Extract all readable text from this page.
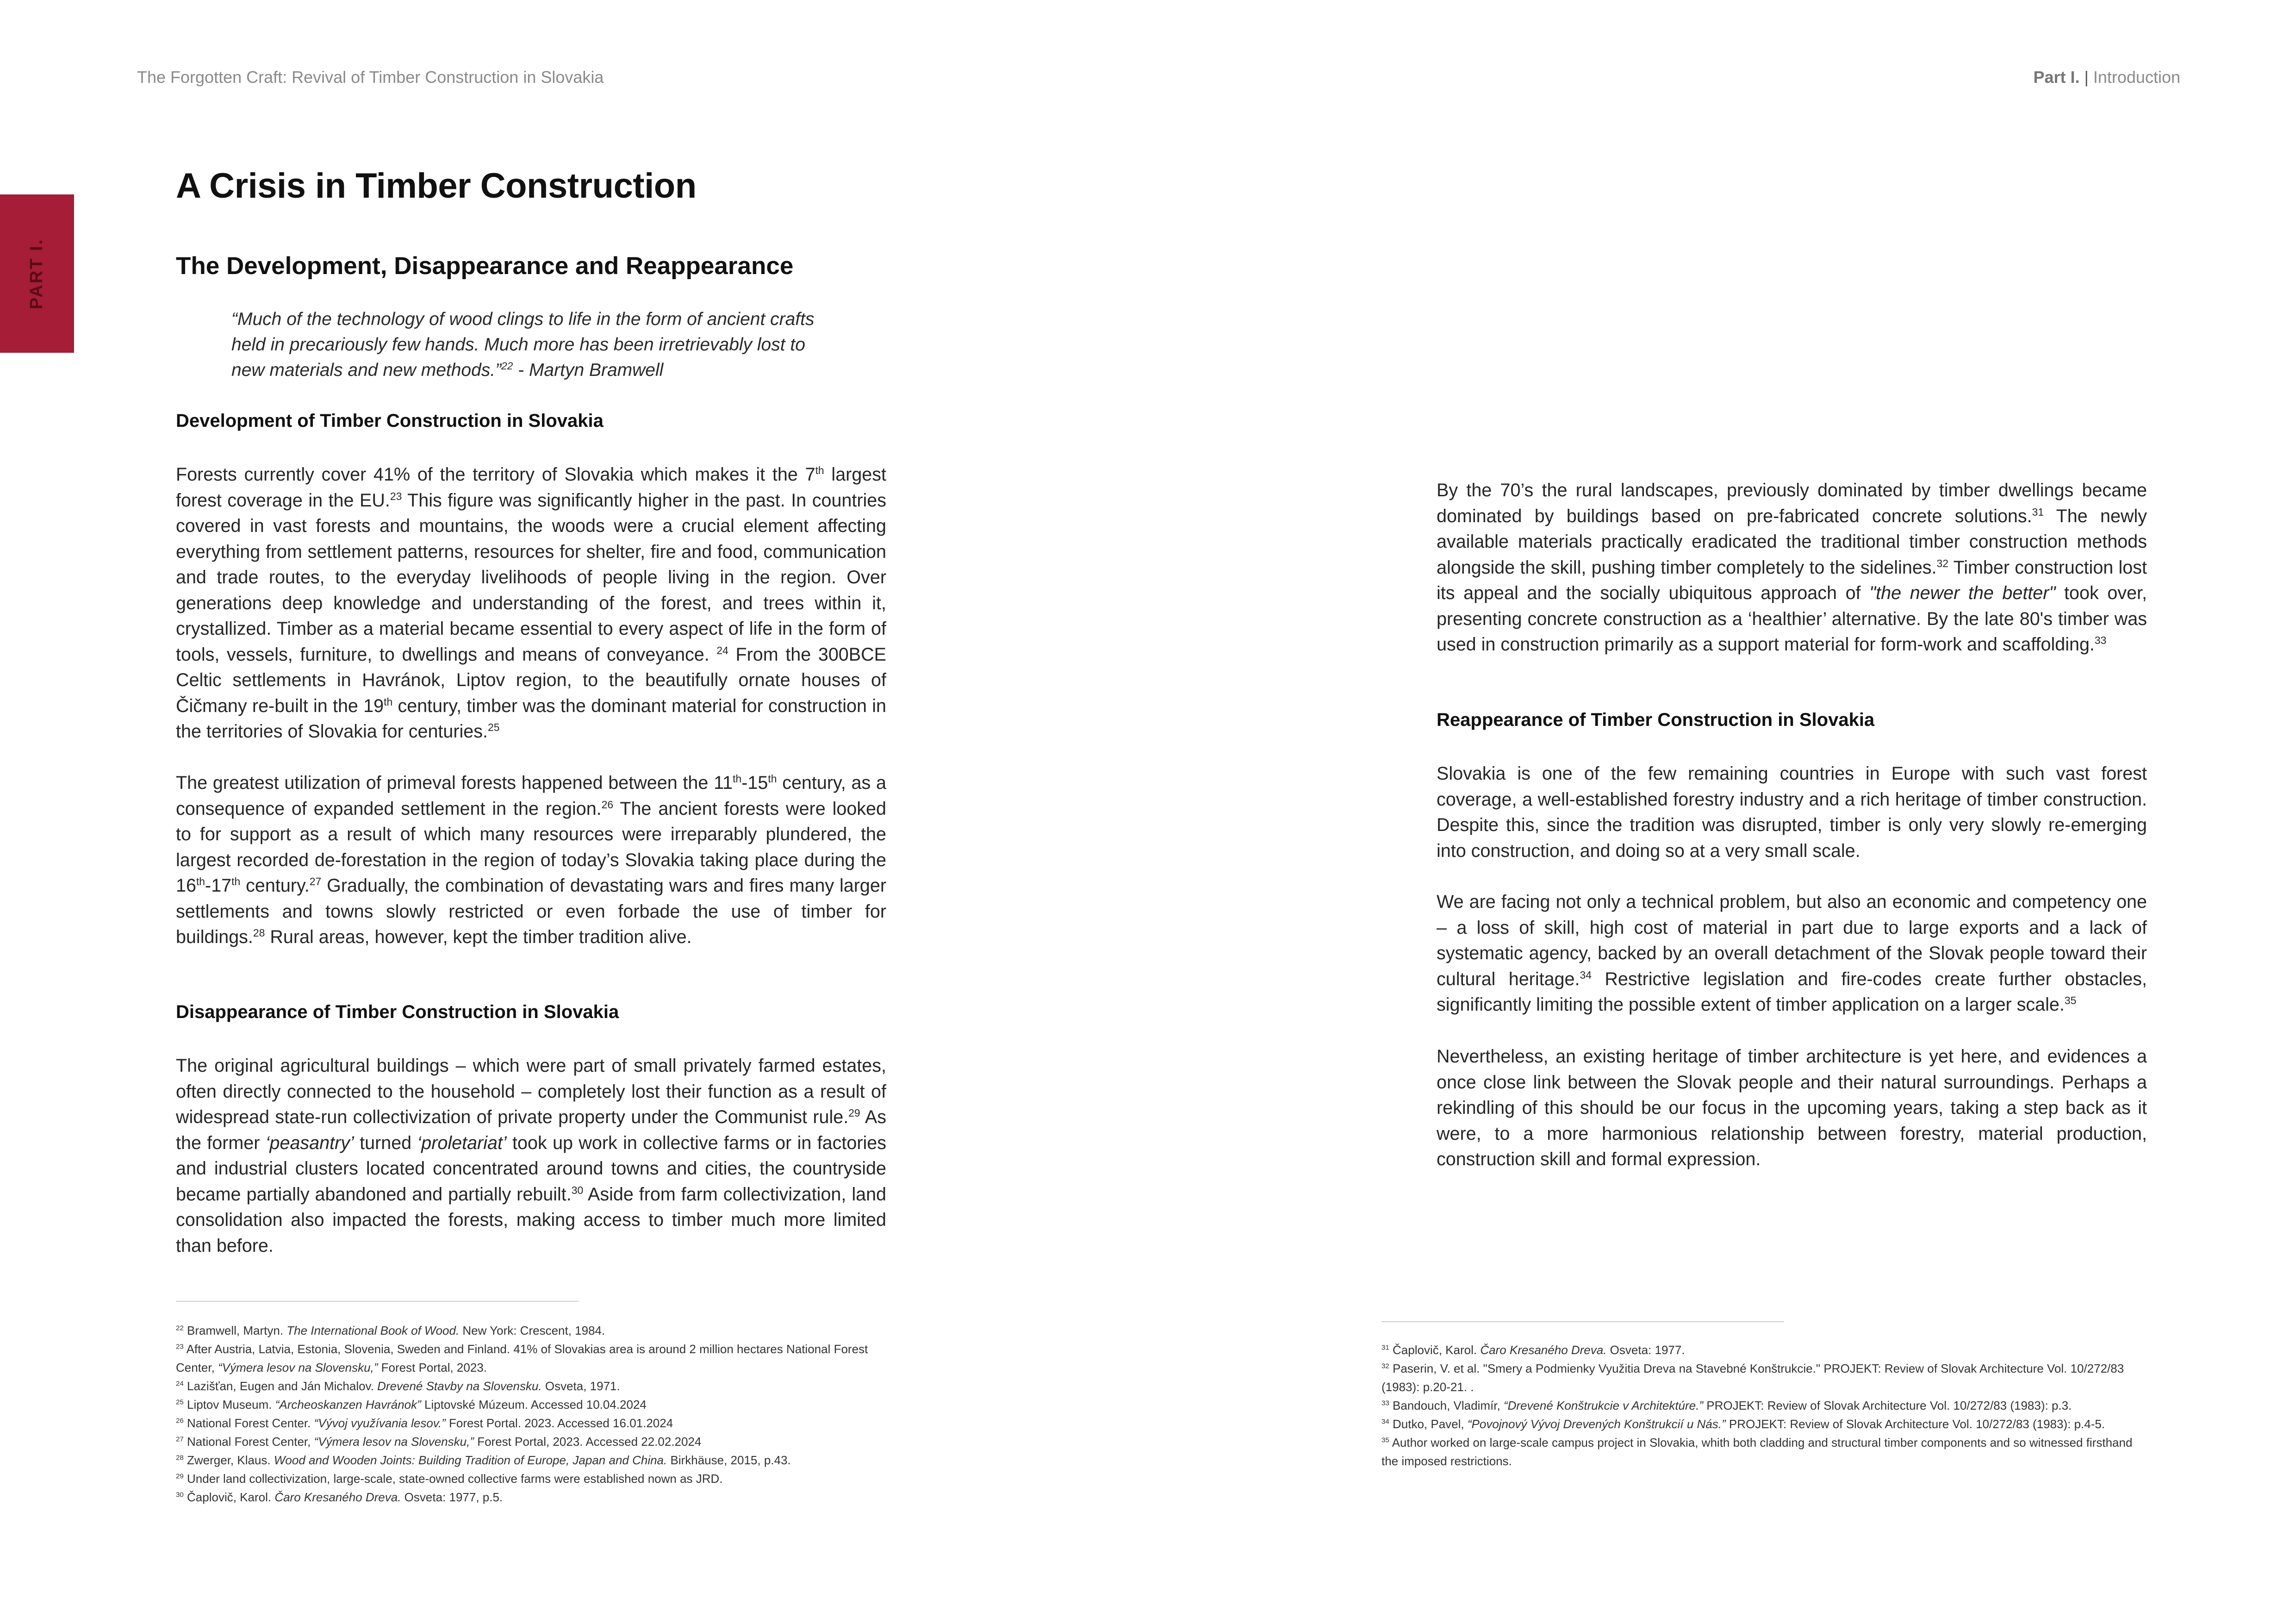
The Forgotten Craft: Revival of Timber Construction in Slovakia	Part I. | Introduction
PART I.
A Crisis in Timber Construction
The Development, Disappearance and Reappearance
“Much of the technology of wood clings to life in the form of ancient crafts
held in precariously few hands. Much more has been irretrievably lost to
new materials and new methods.”$^{22}$ - Martyn Bramwell
Development of Timber Construction in Slovakia

Forests currently cover 41% of the territory of Slovakia which makes it the 7th largest forest coverage in the EU.$^{23}$ This figure was significantly higher in the past. In countries covered in vast forests and mountains, the woods were a crucial element affecting everything from settlement patterns, resources for shelter, fire and food, communication and trade routes, to the everyday livelihoods of people living in the region. Over generations deep knowledge and understanding of the forest, and trees within it, crystallized. Timber as a material became essential to every aspect of life in the form of tools, vessels, furniture, to dwellings and means of conveyance. $^{24}$ From the 300BCE Celtic settlements in Havránok, Liptov region, to the beautifully ornate houses of Čičmany re-built in the 19th century, timber was the dominant material for construction in the territories of Slovakia for centuries.$^{25}$

The greatest utilization of primeval forests happened between the 11th-15th century, as a consequence of expanded settlement in the region.$^{26}$ The ancient forests were looked to for support as a result of which many resources were irreparably plundered, the largest recorded de-forestation in the region of today’s Slovakia taking place during the 16th-17th century.$^{27}$ Gradually, the combination of devastating wars and fires many larger settlements and towns slowly restricted or even forbade the use of timber for buildings.$^{28}$ Rural areas, however, kept the timber tradition alive.

Disappearance of Timber Construction in Slovakia

The original agricultural buildings – which were part of small privately farmed estates, often directly connected to the household – completely lost their function as a result of widespread state-run collectivization of private property under the Communist rule.$^{29}$ As the former ‘peasantry’ turned ‘proletariat’ took up work in collective farms or in factories and industrial clusters located concentrated around towns and cities, the countryside became partially abandoned and partially rebuilt.$^{30}$ Aside from farm collectivization, land consolidation also impacted the forests, making access to timber much more limited than before.

$^{22}$ Bramwell, Martyn. The International Book of Wood. New York: Crescent, 1984.
$^{23}$ After Austria, Latvia, Estonia, Slovenia, Sweden and Finland. 41% of Slovakias area is around 2 million hectares National Forest Center, “Výmera lesov na Slovensku,” Forest Portal, 2023.
$^{24}$ Lazišťan, Eugen and Ján Michalov. Drevené Stavby na Slovensku. Osveta, 1971.
$^{25}$ Liptov Museum. “Archeoskanzen Havránok” Liptovské Múzeum. Accessed 10.04.2024
$^{26}$ National Forest Center. “Vývoj využívania lesov.” Forest Portal. 2023. Accessed 16.01.2024
$^{27}$ National Forest Center, “Výmera lesov na Slovensku,” Forest Portal, 2023. Accessed 22.02.2024
$^{28}$ Zwerger, Klaus. Wood and Wooden Joints: Building Tradition of Europe, Japan and China. Birkhäuse, 2015, p.43.
$^{29}$ Under land collectivization, large-scale, state-owned collective farms were established nown as JRD.
$^{30}$ Čaplovič, Karol. Čaro Kresaného Dreva. Osveta: 1977, p.5.

By the 70’s the rural landscapes, previously dominated by timber dwellings became dominated by buildings based on pre-fabricated concrete solutions.$^{31}$ The newly available materials practically eradicated the traditional timber construction methods alongside the skill, pushing timber completely to the sidelines.$^{32}$ Timber construction lost its appeal and the socially ubiquitous approach of "the newer the better" took over, presenting concrete construction as a ‘healthier’ alternative. By the late 80's timber was used in construction primarily as a support material for form-work and scaffolding.$^{33}$

Reappearance of Timber Construction in Slovakia

Slovakia is one of the few remaining countries in Europe with such vast forest coverage, a well-established forestry industry and a rich heritage of timber construction. Despite this, since the tradition was disrupted, timber is only very slowly re-emerging into construction, and doing so at a very small scale.

We are facing not only a technical problem, but also an economic and competency one – a loss of skill, high cost of material in part due to large exports and a lack of systematic agency, backed by an overall detachment of the Slovak people toward their cultural heritage.$^{34}$ Restrictive legislation and fire-codes create further obstacles, significantly limiting the possible extent of timber application on a larger scale.$^{35}$

Nevertheless, an existing heritage of timber architecture is yet here, and evidences a once close link between the Slovak people and their natural surroundings. Perhaps a rekindling of this should be our focus in the upcoming years, taking a step back as it were, to a more harmonious relationship between forestry, material production, construction skill and formal expression.

$^{31}$ Čaplovič, Karol. Čaro Kresaného Dreva. Osveta: 1977.
$^{32}$ Paserin, V. et al. "Smery a Podmienky Využitia Dreva na Stavebné Konštrukcie." PROJEKT: Review of Slovak Architecture Vol. 10/272/83 (1983): p.20-21. .
$^{33}$ Bandouch, Vladimír, “Drevené Konštrukcie v Architektúre.” PROJEKT: Review of Slovak Architecture Vol. 10/272/83 (1983): p.3.
$^{34}$ Dutko, Pavel, “Povojnový Vývoj Drevených Konštrukcií u Nás.” PROJEKT: Review of Slovak Architecture Vol. 10/272/83 (1983): p.4-5.
$^{35}$ Author worked on large-scale campus project in Slovakia, whith both cladding and structural timber components and so witnessed firsthand the imposed restrictions.
